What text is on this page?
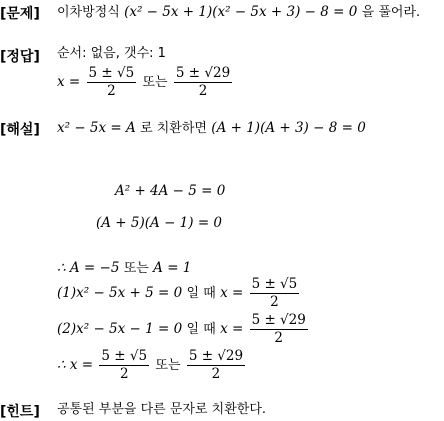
[문제] 이차방정식 (x² − 5x + 1)(x² − 5x + 3) − 8 = 0 을 풀어라.
[정답] 순서: 없음, 갯수: 1
$x = \frac{5 \pm √5}{2}$ 또는 $\frac{5 \pm √29}{2}$
[해설] x² − 5x = A 로 치환하면 (A + 1)(A + 3) − 8 = 0
A² + 4A − 5 = 0
(A + 5)(A − 1) = 0
∴ A = −5 또는 A = 1
(1)x² − 5x + 5 = 0 일 때 $x = \frac{5 \pm √5}{2}$
(2)x² − 5x − 1 = 0 일 때 $x = \frac{5 \pm √29}{2}$
∴ $x = \frac{5 \pm √5}{2}$ 또는 $\frac{5 \pm √29}{2}$
[힌트] 공통된 부분을 다른 문자로 치환한다.
